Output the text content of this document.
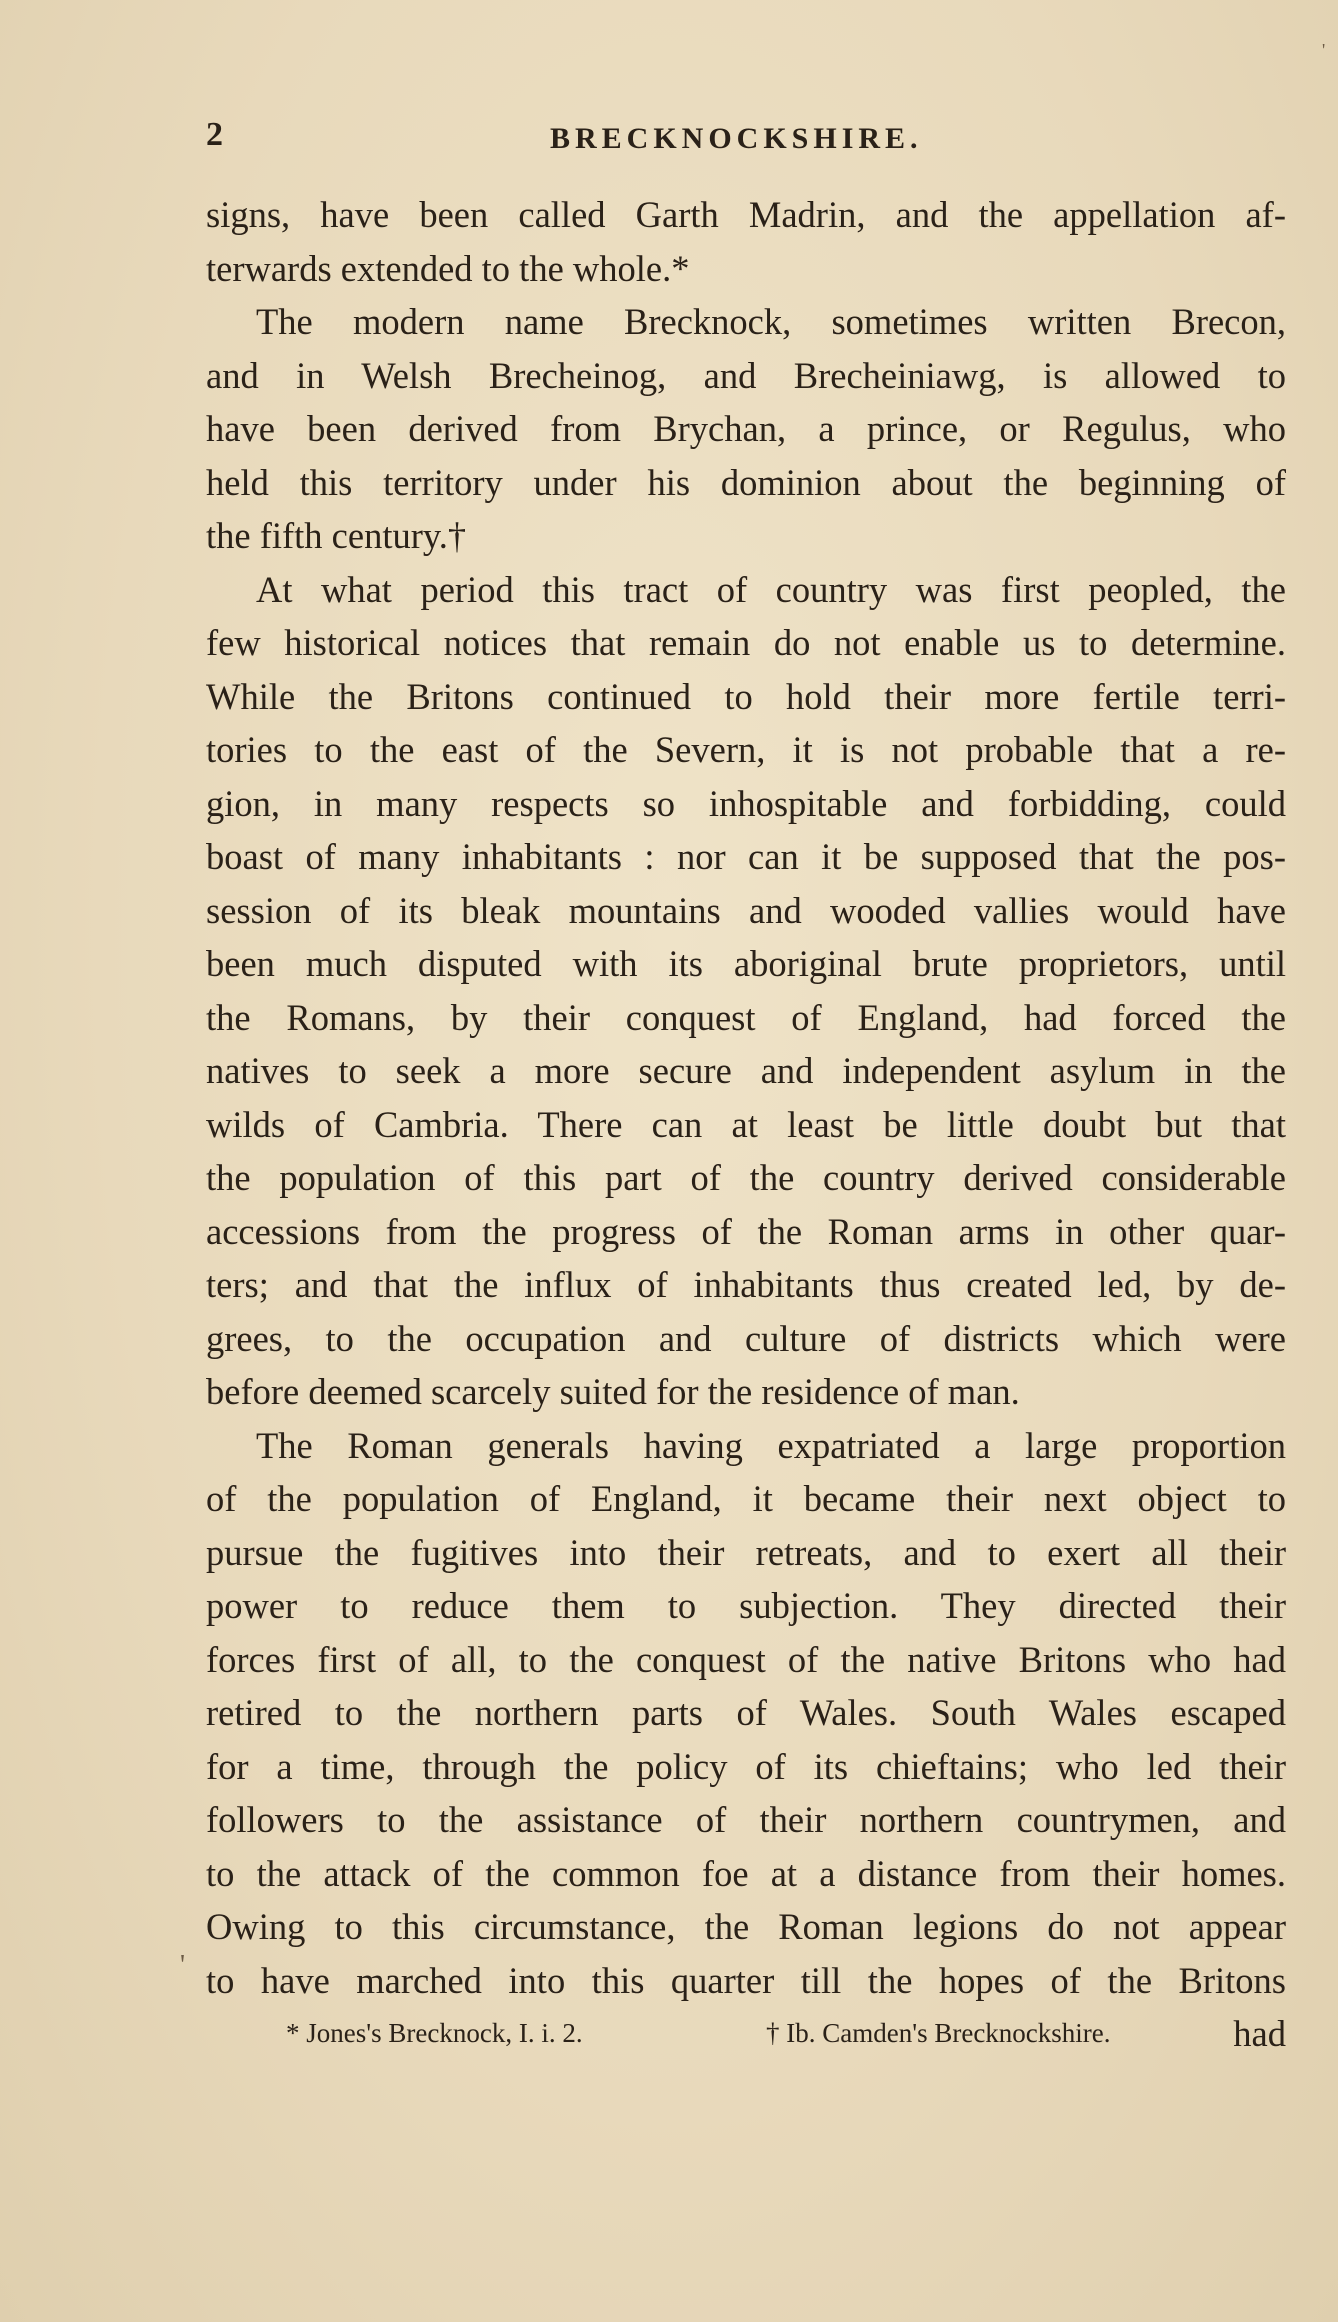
2	BRECKNOCKSHIRE.
signs, have been called Garth Madrin, and the appellation af-
terwards extended to the whole.*
The modern name Brecknock, sometimes written Brecon,
and in Welsh Brecheinog, and Brecheiniawg, is allowed to
have been derived from Brychan, a prince, or Regulus, who
held this territory under his dominion about the beginning of
the fifth century.†
At what period this tract of country was first peopled, the
few historical notices that remain do not enable us to determine.
While the Britons continued to hold their more fertile terri-
tories to the east of the Severn, it is not probable that a re-
gion, in many respects so inhospitable and forbidding, could
boast of many inhabitants : nor can it be supposed that the pos-
session of its bleak mountains and wooded vallies would have
been much disputed with its aboriginal brute proprietors, until
the Romans, by their conquest of England, had forced the
natives to seek a more secure and independent asylum in the
wilds of Cambria. There can at least be little doubt but that
the population of this part of the country derived considerable
accessions from the progress of the Roman arms in other quar-
ters; and that the influx of inhabitants thus created led, by de-
grees, to the occupation and culture of districts which were
before deemed scarcely suited for the residence of man.
The Roman generals having expatriated a large proportion
of the population of England, it became their next object to
pursue the fugitives into their retreats, and to exert all their
power to reduce them to subjection. They directed their
forces first of all, to the conquest of the native Britons who had
retired to the northern parts of Wales. South Wales escaped
for a time, through the policy of its chieftains; who led their
followers to the assistance of their northern countrymen, and
to the attack of the common foe at a distance from their homes.
Owing to this circumstance, the Roman legions do not appear
to have marched into this quarter till the hopes of the Britons
had
* Jones's Brecknock, I. i. 2.	† Ib. Camden's Brecknockshire.
'
'
